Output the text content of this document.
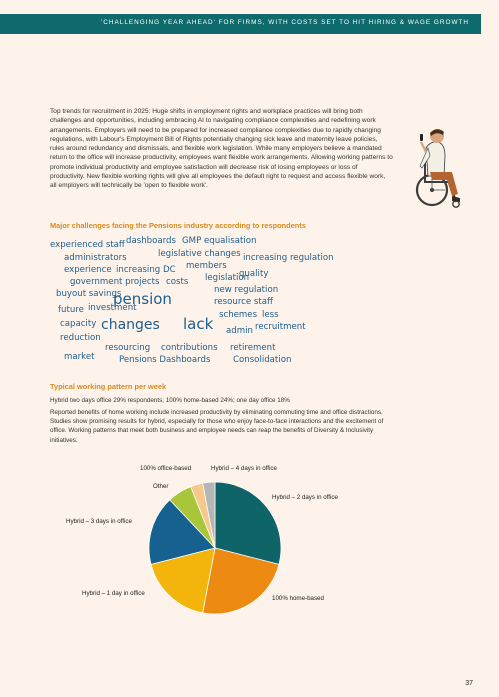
'CHALLENGING YEAR AHEAD' FOR FIRMS, WITH COSTS SET TO HIT HIRING & WAGE GROWTH

Top trends for recruitment in 2025: Huge shifts in employment rights and workplace practices will bring both challenges and opportunities, including embracing AI to navigating compliance complexities and redefining work arrangements. Employers will need to be prepared for increased compliance complexities due to rapidly changing regulations, with Labour's Employment Bill of Rights potentially changing sick leave and maternity leave policies, rules around redundancy and dismissals, and flexible work legislation. While many employers believe a mandated return to the office will increase productivity, employees want flexible work arrangements. Allowing working patterns to promote individual productivity and employee satisfaction will decrease risk of losing employees or loss of productivity. New flexible working rights will give all employees the default right to request and access flexible work, all employers will technically be 'open to flexible work'.

Major challenges facing the Pensions industry according to respondents
experienced staff dashboards GMP equalisation
administrators	legislative changes increasing regulation
members
experience increasing DC	quality
government projects costs legislation
new regulation
buyout savings
pension	resource staff
future investment
schemes less
capacity changes lack admin recruitment
reduction
resourcing contributions retirement
market	Pensions Dashboards	Consolidation
Typical working pattern per week
Hybrid two days office 29% respondents; 100% home-based 24%; one day office 18%

Reported benefits of home working include increased productivity by eliminating commuting time and office distractions. Studies show promising results for hybrid, especially for those who enjoy face-to-face interactions and the excitement of office. Working patterns that meet both business and employee needs can reap the benefits of Diversity & Inclusivity initiatives.

Hybrid – 2 days in office
100% home-based
Hybrid – 1 day in office
Hybrid – 3 days in office
Other
100% office-based	Hybrid – 4 days in office
37
